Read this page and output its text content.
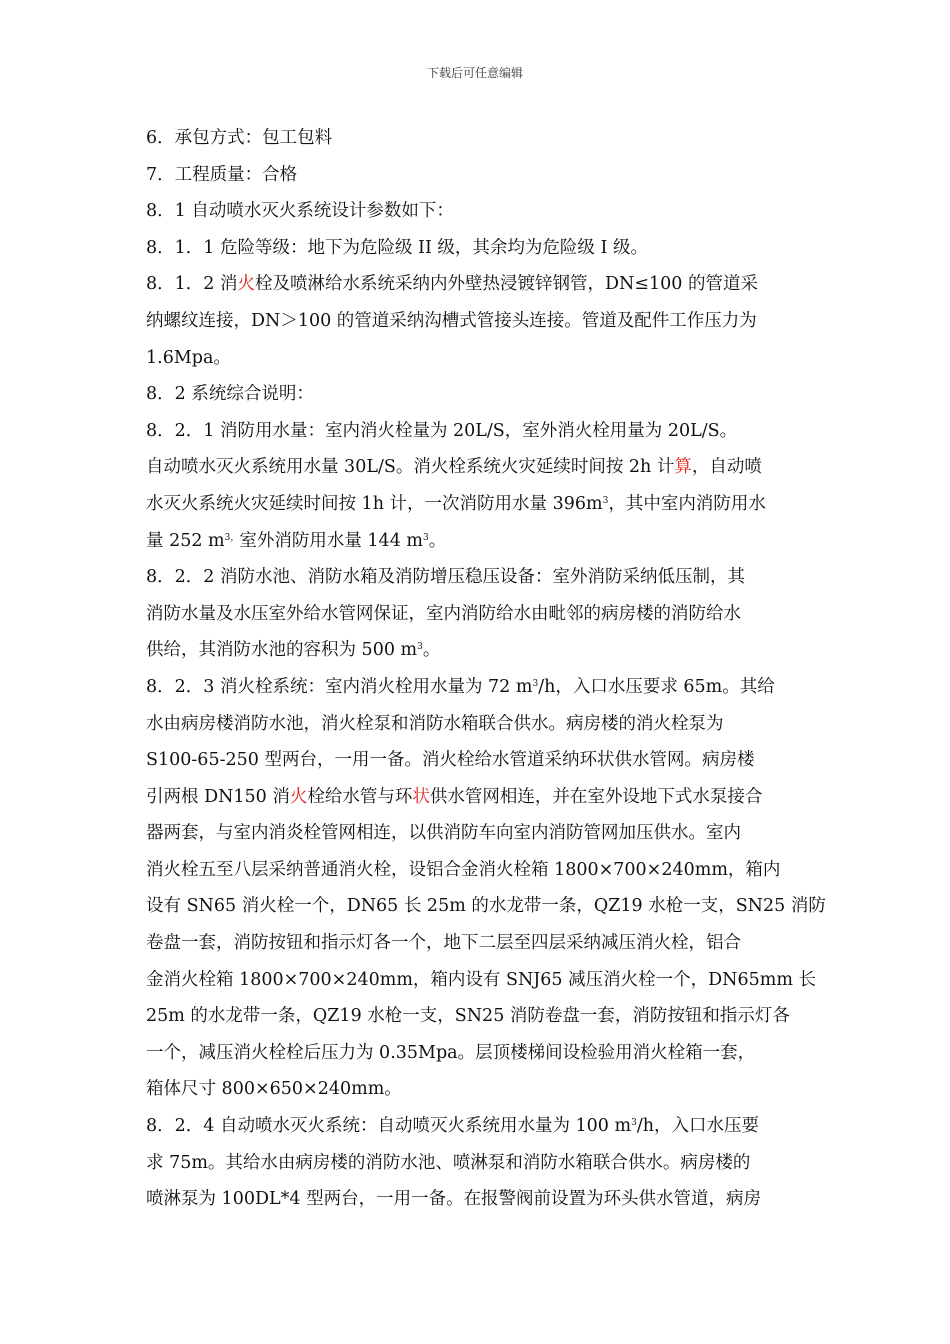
下载后可任意编辑
6．承包方式：包工包料
7．工程质量：合格
8．1 自动喷水灭火系统设计参数如下：
8．1．1 危险等级：地下为危险级 II 级，其余均为危险级 I 级。
8．1．2 消火栓及喷淋给水系统采纳内外壁热浸镀锌钢管，DN≤100 的管道采
纳螺纹连接，DN＞100 的管道采纳沟槽式管接头连接。管道及配件工作压力为
1.6Mpa。
8．2 系统综合说明：
8．2．1 消防用水量：室内消火栓量为 20L/S，室外消火栓用量为 20L/S。
自动喷水灭火系统用水量 30L/S。消火栓系统火灾延续时间按 2h 计算，自动喷
水灭火系统火灾延续时间按 1h 计，一次消防用水量 $396m^3$，其中室内消防用水
量 252 $m^{3,}$室外消防用水量 144 $m^3$。
8．2．2 消防水池、消防水箱及消防增压稳压设备：室外消防采纳低压制，其
消防水量及水压室外给水管网保证，室内消防给水由毗邻的病房楼的消防给水
供给，其消防水池的容积为 500 $m^3$。
8．2．3 消火栓系统：室内消火栓用水量为 72 $m^3/h$，入口水压要求 65m。其给
水由病房楼消防水池，消火栓泵和消防水箱联合供水。病房楼的消火栓泵为
S100-65-250 型两台，一用一备。消火栓给水管道采纳环状供水管网。病房楼
引两根 DN150 消火栓给水管与环状供水管网相连，并在室外设地下式水泵接合
器两套，与室内消炎栓管网相连，以供消防车向室内消防管网加压供水。室内
消火栓五至八层采纳普通消火栓，设铝合金消火栓箱 1800×700×240mm，箱内
设有 SN65 消火栓一个，DN65 长 25m 的水龙带一条，QZ19 水枪一支，SN25 消防
卷盘一套，消防按钮和指示灯各一个，地下二层至四层采纳减压消火栓，铝合
金消火栓箱 1800×700×240mm，箱内设有 SNJ65 减压消火栓一个，DN65mm 长
25m 的水龙带一条，QZ19 水枪一支，SN25 消防卷盘一套，消防按钮和指示灯各
一个，减压消火栓栓后压力为 0.35Mpa。层顶楼梯间设检验用消火栓箱一套，
箱体尺寸 800×650×240mm。
8．2．4 自动喷水灭火系统：自动喷灭火系统用水量为 100 $m^3/h$，入口水压要
求 75m。其给水由病房楼的消防水池、喷淋泵和消防水箱联合供水。病房楼的
喷淋泵为 100DL*4 型两台，一用一备。在报警阀前设置为环头供水管道，病房
